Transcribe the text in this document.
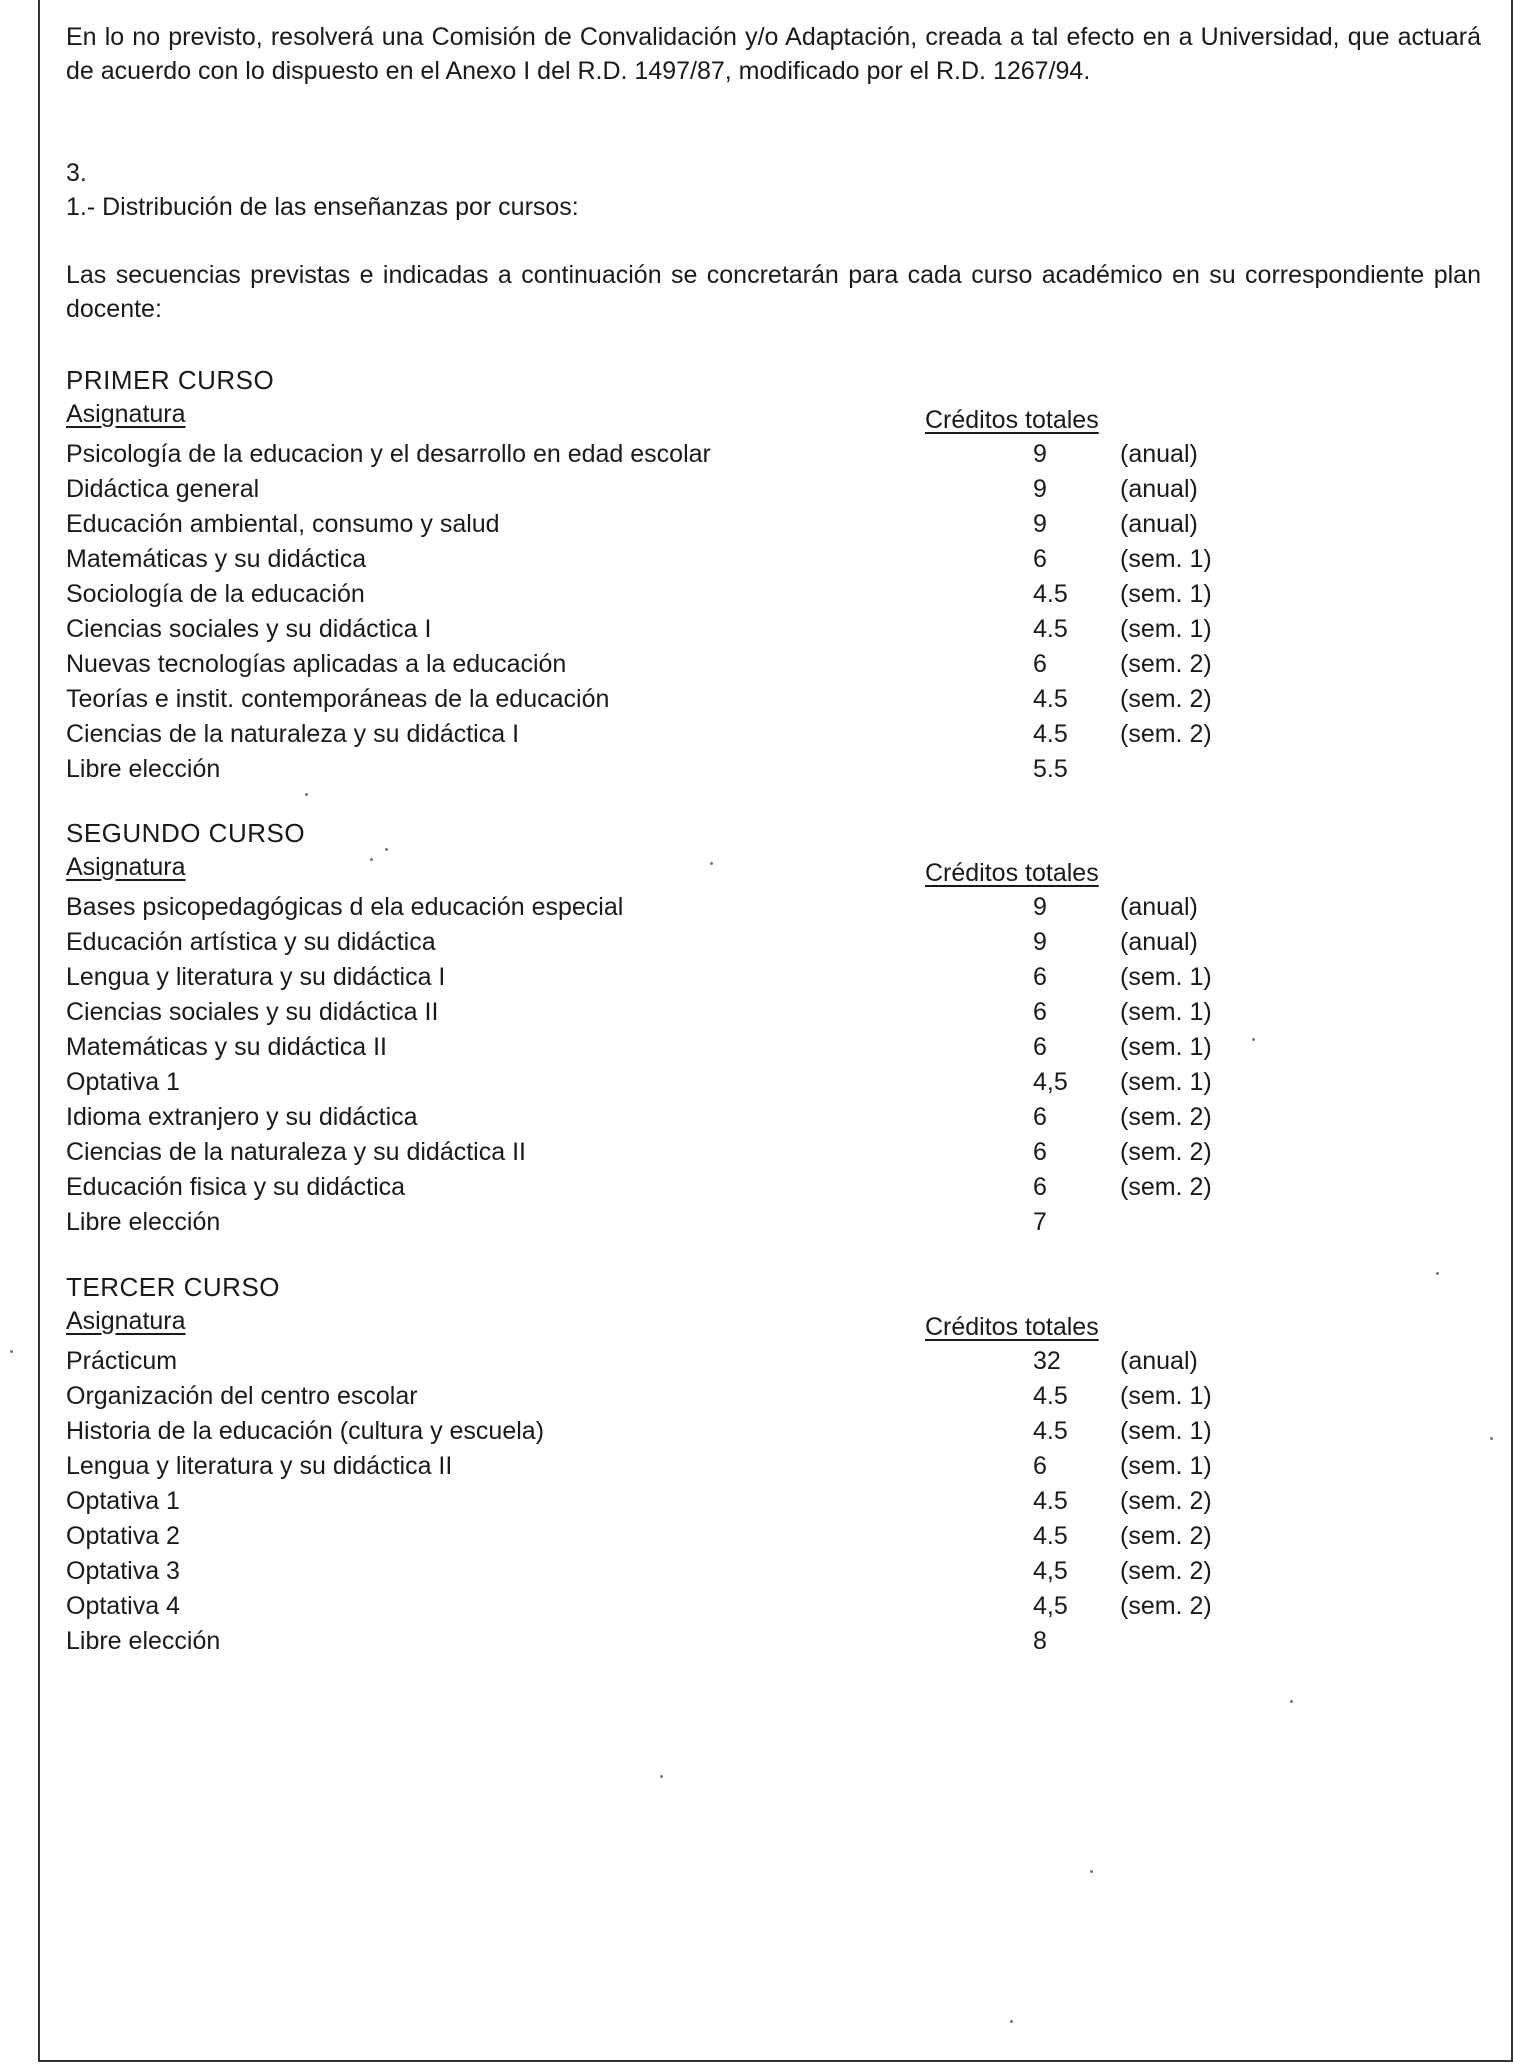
En lo no previsto, resolverá una Comisión de Convalidación y/o Adaptación, creada a tal efecto en a Universidad, que actuará de acuerdo con lo dispuesto en el Anexo I del R.D. 1497/87, modificado por el R.D. 1267/94.

3.

1.- Distribución de las enseñanzas por cursos:

Las secuencias previstas e indicadas a continuación se concretarán para cada curso académico en su correspondiente plan docente:

PRIMER CURSO

Asignatura	Créditos totales

Psicología de la educacion y el desarrollo en edad escolar	9	(anual)
Didáctica general	9	(anual)
Educación ambiental, consumo y salud	9	(anual)
Matemáticas y su didáctica	6	(sem. 1)
Sociología de la educación	4.5 (sem. 1)
Ciencias sociales y su didáctica I	4.5 (sem. 1)
Nuevas tecnologías aplicadas a la educación	6	(sem. 2)
Teorías e instit. contemporáneas de la educación	4.5 (sem. 2)
Ciencias de la naturaleza y su didáctica I	4.5 (sem. 2)
Libre elección	5.5

SEGUNDO CURSO

Asignatura	Créditos totales

Bases psicopedagógicas d ela educación especial	9	(anual)
Educación artística y su didáctica	9	(anual)
Lengua y literatura y su didáctica I	6	(sem. 1)
Ciencias sociales y su didáctica II	6	(sem. 1)
Matemáticas y su didáctica II	6	(sem. 1)
Optativa 1	4,5 (sem. 1)
Idioma extranjero y su didáctica	6	(sem. 2)
Ciencias de la naturaleza y su didáctica II	6	(sem. 2)
Educación fisica y su didáctica	6	(sem. 2)
Libre elección	7

TERCER CURSO

Asignatura	Créditos totales

Prácticum	32 (anual)
Organización del centro escolar	4.5 (sem. 1)
Historia de la educación (cultura y escuela)	4.5 (sem. 1)
Lengua y literatura y su didáctica II	6	(sem. 1)
Optativa 1	4.5 (sem. 2)
Optativa 2	4.5 (sem. 2)
Optativa 3	4,5 (sem. 2)
Optativa 4	4,5 (sem. 2)
Libre elección	8
